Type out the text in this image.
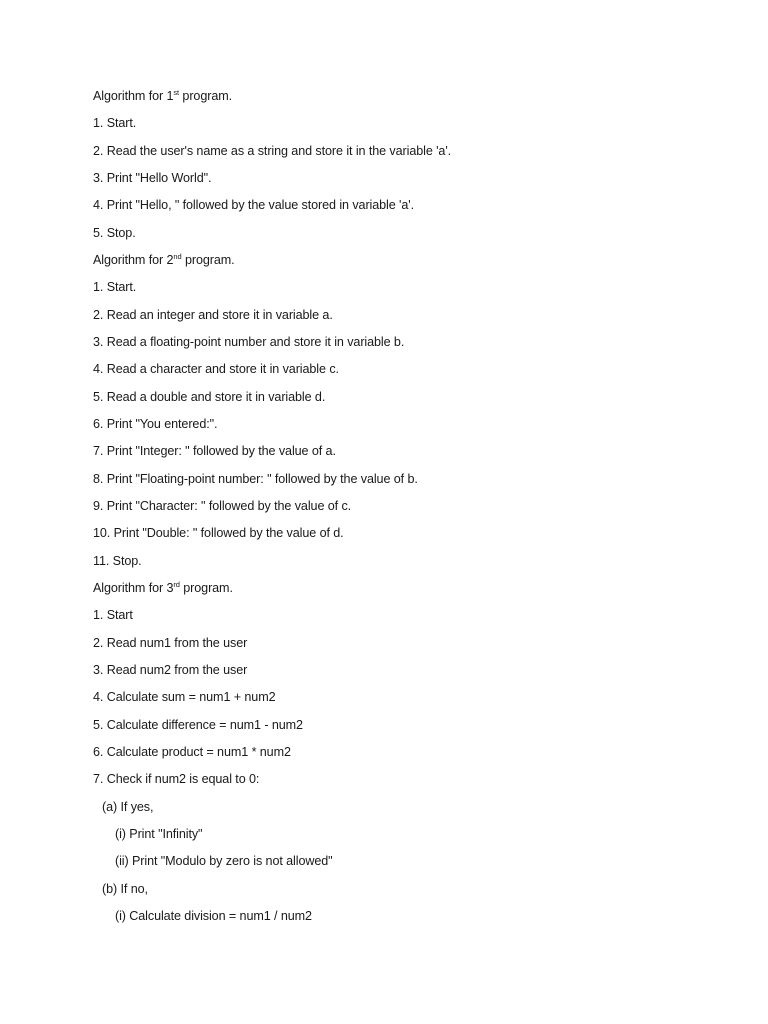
Algorithm for 1st program.
1. Start.
2. Read the user's name as a string and store it in the variable 'a'.
3. Print "Hello World".
4. Print "Hello, " followed by the value stored in variable 'a'.
5. Stop.
Algorithm for 2nd program.
1. Start.
2. Read an integer and store it in variable a.
3. Read a floating-point number and store it in variable b.
4. Read a character and store it in variable c.
5. Read a double and store it in variable d.
6. Print "You entered:".
7. Print "Integer: " followed by the value of a.
8. Print "Floating-point number: " followed by the value of b.
9. Print "Character: " followed by the value of c.
10. Print "Double: " followed by the value of d.
11. Stop.
Algorithm for 3rd program.
1. Start
2. Read num1 from the user
3. Read num2 from the user
4. Calculate sum = num1 + num2
5. Calculate difference = num1 - num2
6. Calculate product = num1 * num2
7. Check if num2 is equal to 0:
(a) If yes,
(i) Print "Infinity"
(ii) Print "Modulo by zero is not allowed"
(b) If no,
(i) Calculate division = num1 / num2
